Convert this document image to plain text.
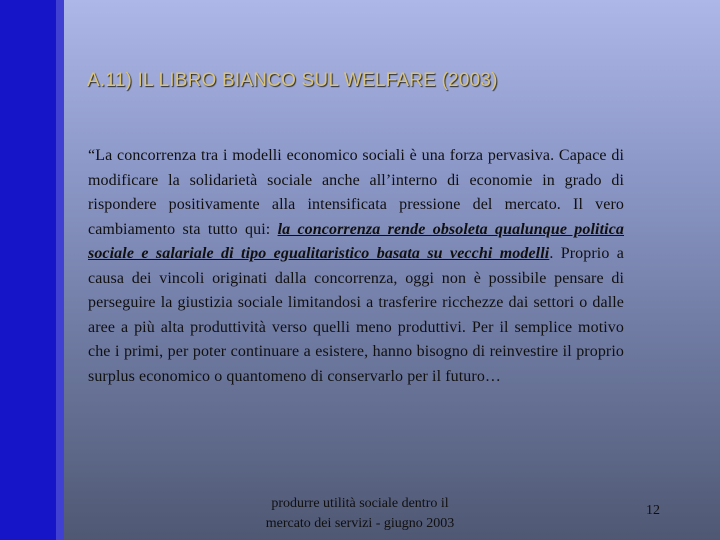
A.11) IL LIBRO BIANCO SUL WELFARE (2003)
“La concorrenza tra i modelli economico sociali è una forza pervasiva. Capace di modificare la solidarietà sociale anche all’interno di economie in grado di rispondere positivamente alla intensificata pressione del mercato. Il vero cambiamento sta tutto qui: la concorrenza rende obsoleta qualunque politica sociale e salariale di tipo egualitaristico basata su vecchi modelli. Proprio a causa dei vincoli originati dalla concorrenza, oggi non è possibile pensare di perseguire la giustizia sociale limitandosi a trasferire ricchezze dai settori o dalle aree a più alta produttività verso quelli meno produttivi. Per il semplice motivo che i primi, per poter continuare a esistere, hanno bisogno di reinvestire il proprio surplus economico o quantomeno di conservarlo per il futuro…
produrre utilità sociale dentro il
mercato dei servizi - giugno 2003
12
